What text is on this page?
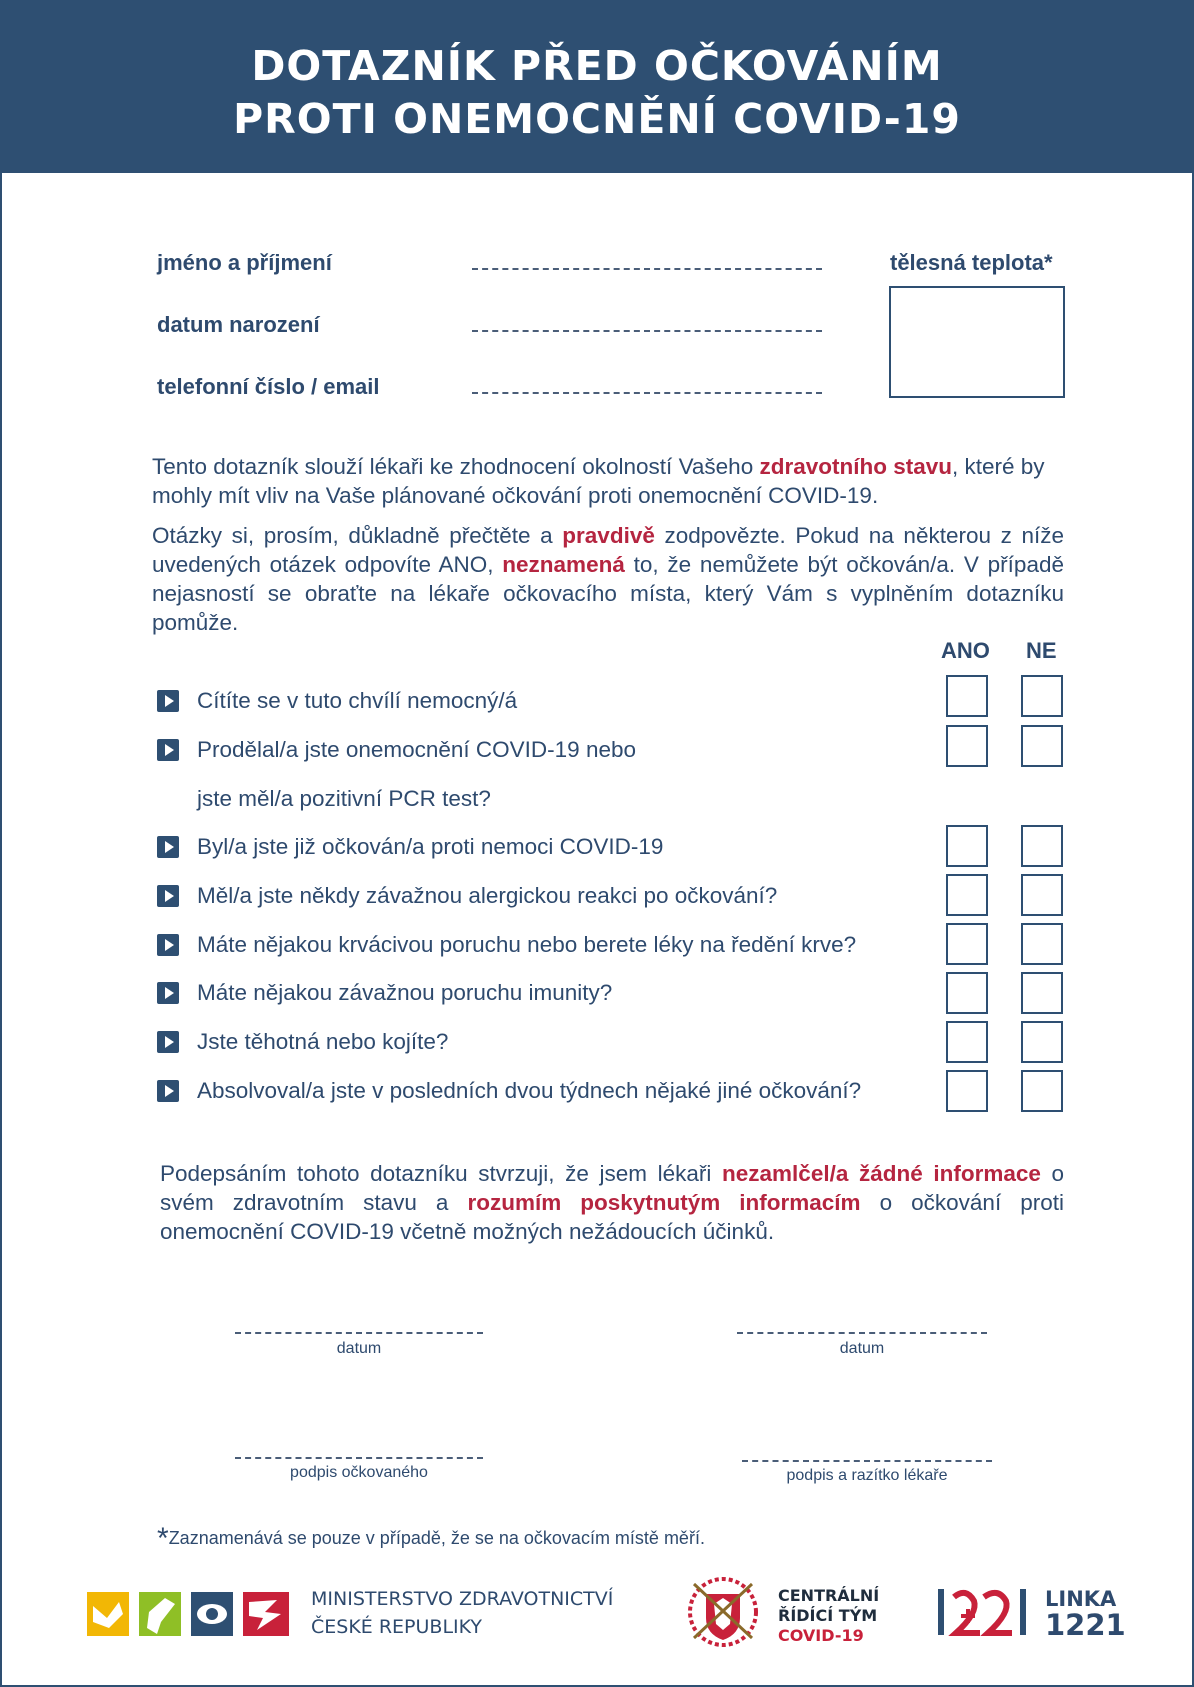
DOTAZNÍK PŘED OČKOVÁNÍM
PROTI ONEMOCNĚNÍ COVID-19
jméno a příjmení
datum narození
telefonní číslo / email
tělesná teplota*
Tento dotazník slouží lékaři ke zhodnocení okolností Vašeho zdravotního stavu, které by mohly mít vliv na Vaše plánované očkování proti onemocnění COVID-19.
Otázky si, prosím, důkladně přečtěte a pravdivě zodpovězte. Pokud na některou z níže uvedených otázek odpovíte ANO, neznamená to, že nemůžete být očkován/a. V případě nejasností se obraťte na lékaře očkovacího místa, který Vám s vyplněním dotazníku pomůže.
ANO NE
Cítíte se v tuto chvílí nemocný/á
Prodělal/a jste onemocnění COVID-19 nebo
jste měl/a pozitivní PCR test?
Byl/a jste již očkován/a proti nemoci COVID-19
Měl/a jste někdy závažnou alergickou reakci po očkování?
Máte nějakou krvácivou poruchu nebo berete léky na ředění krve?
Máte nějakou závažnou poruchu imunity?
Jste těhotná nebo kojíte?
Absolvoval/a jste v posledních dvou týdnech nějaké jiné očkování?
Podepsáním tohoto dotazníku stvrzuji, že jsem lékaři nezamlčel/a žádné informace o svém zdravotním stavu a rozumím poskytnutým informacím o očkování proti onemocnění COVID-19 včetně možných nežádoucích účinků.
datum	datum
podpis očkovaného	podpis a razítko lékaře
*Zaznamenává se pouze v případě, že se na očkovacím místě měří.
MINISTERSTVO ZDRAVOTNICTVÍ
ČESKÉ REPUBLIKY
CENTRÁLNÍ
ŘÍDÍCÍ TÝM
COVID-19
LINKA
1221
